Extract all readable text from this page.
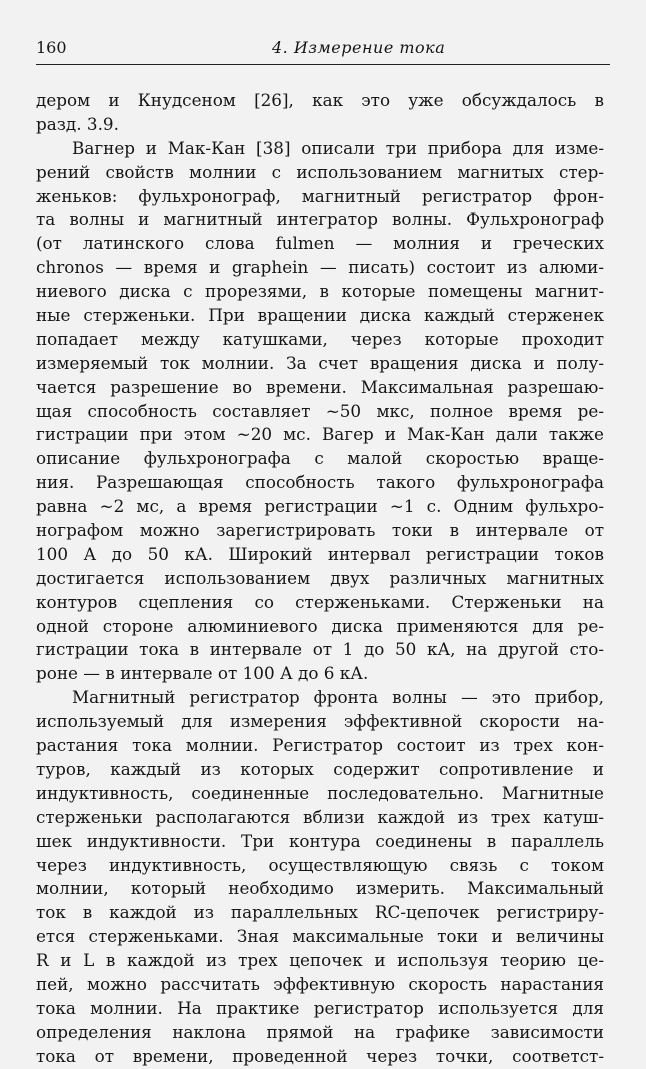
160	4. Измерение тока
дером и Кнудсеном [26], как это уже обсуждалось в
разд. 3.9.
Вагнер и Мак-Кан [38] описали три прибора для изме-
рений свойств молнии с использованием магнитых стер-
женьков: фульхронограф, магнитный регистратор фрон-
та волны и магнитный интегратор волны. Фульхронограф
(от латинского слова fulmen — молния и греческих
chronos — время и graphein — писать) состоит из алюми-
ниевого диска с прорезями, в которые помещены магнит-
ные стерженьки. При вращении диска каждый стерженек
попадает между катушками, через которые проходит
измеряемый ток молнии. За счет вращения диска и полу-
чается разрешение во времени. Максимальная разрешаю-
щая способность составляет ~50 мкс, полное время ре-
гистрации при этом ~20 мс. Вагер и Мак-Кан дали также
описание фульхронографа с малой скоростью враще-
ния. Разрешающая способность такого фульхронографа
равна ~2 мс, а время регистрации ~1 с. Одним фульхро-
нографом можно зарегистрировать токи в интервале от
100 А до 50 кА. Широкий интервал регистрации токов
достигается использованием двух различных магнитных
контуров сцепления со стерженьками. Стерженьки на
одной стороне алюминиевого диска применяются для ре-
гистрации тока в интервале от 1 до 50 кА, на другой сто-
роне — в интервале от 100 А до 6 кА.
Магнитный регистратор фронта волны — это прибор,
используемый для измерения эффективной скорости на-
растания тока молнии. Регистратор состоит из трех кон-
туров, каждый из которых содержит сопротивление и
индуктивность, соединенные последовательно. Магнитные
стерженьки располагаются вблизи каждой из трех катуш-
шек индуктивности. Три контура соединены в параллель
через индуктивность, осуществляющую связь с током
молнии, который необходимо измерить. Максимальный
ток в каждой из параллельных RC-цепочек регистриру-
ется стерженьками. Зная максимальные токи и величины
R и L в каждой из трех цепочек и используя теорию це-
пей, можно рассчитать эффективную скорость нарастания
тока молнии. На практике регистратор используется для
определения наклона прямой на графике зависимости
тока от времени, проведенной через точки, соответст-
